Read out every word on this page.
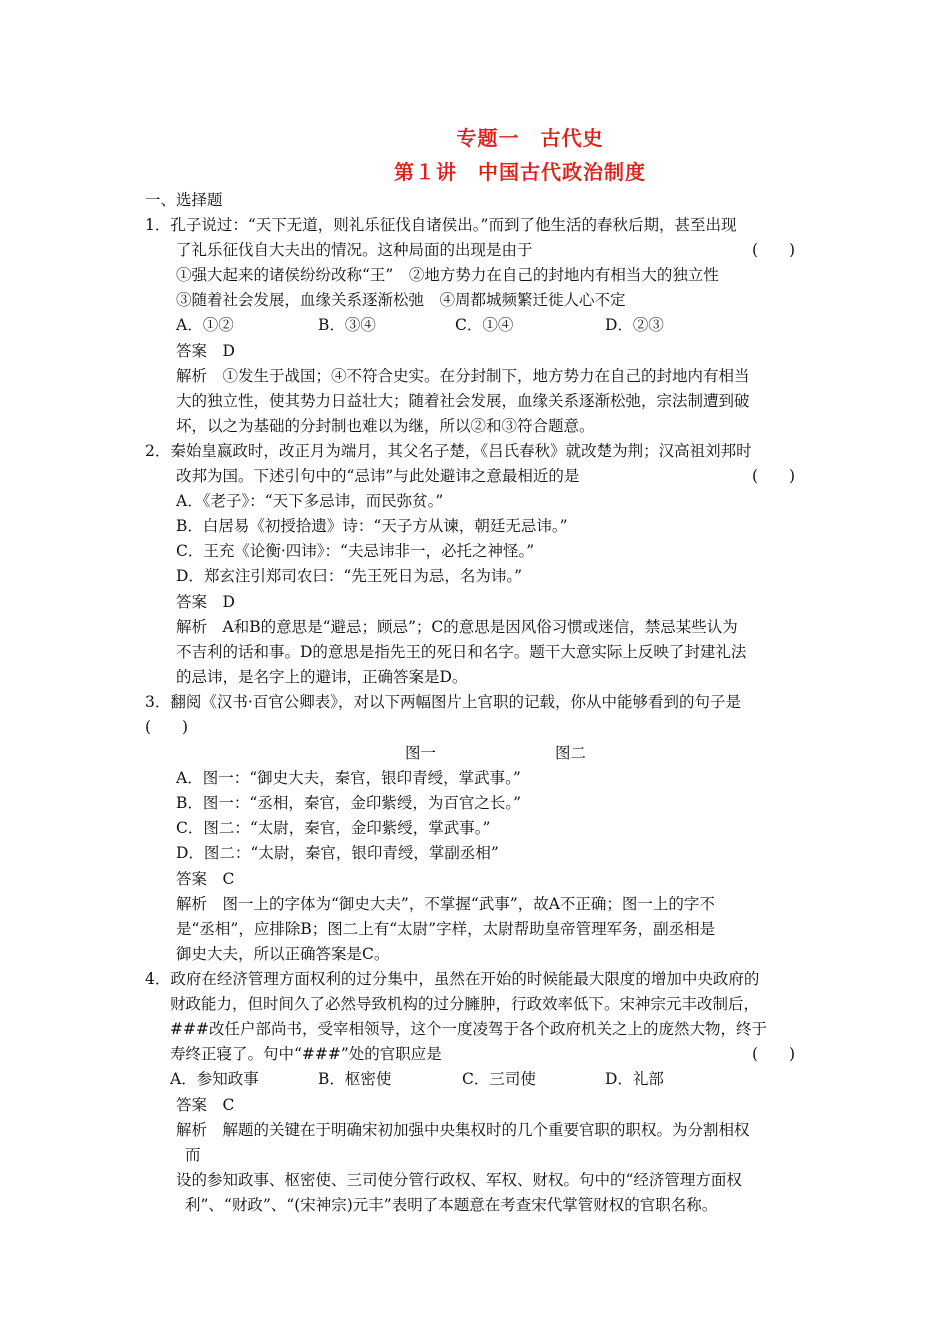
专题一　古代史
第１讲　中国古代政治制度
一、选择题
1．孔子说过：“天下无道，则礼乐征伐自诸侯出。”而到了他生活的春秋后期，甚至出现
了礼乐征伐自大夫出的情况。这种局面的出现是由于	(　　)
①强大起来的诸侯纷纷改称“王”　②地方势力在自己的封地内有相当大的独立性
③随着社会发展，血缘关系逐渐松弛　④周都城频繁迁徙人心不定
A．①②	B．③④	C．①④	D．②③
答案　D
解析　①发生于战国；④不符合史实。在分封制下，地方势力在自己的封地内有相当
大的独立性，使其势力日益壮大；随着社会发展，血缘关系逐渐松弛，宗法制遭到破
坏，以之为基础的分封制也难以为继，所以②和③符合题意。
2．秦始皇嬴政时，改正月为端月，其父名子楚，《吕氏春秋》就改楚为荆；汉高祖刘邦时
改邦为国。下述引句中的“忌讳”与此处避讳之意最相近的是	(　　)
A．《老子》：“天下多忌讳，而民弥贫。”
B．白居易《初授拾遗》诗：“天子方从谏，朝廷无忌讳。”
C．王充《论衡·四讳》：“夫忌讳非一，必托之神怪。”
D．郑玄注引郑司农曰：“先王死日为忌，名为讳。”
答案　D
解析　A和B的意思是“避忌；顾忌”；C的意思是因风俗习惯或迷信，禁忌某些认为
不吉利的话和事。D的意思是指先王的死日和名字。题干大意实际上反映了封建礼法
的忌讳，是名字上的避讳，正确答案是D。
3．翻阅《汉书·百官公卿表》，对以下两幅图片上官职的记载，你从中能够看到的句子是
(　　)
图一	图二
A．图一：“御史大夫，秦官，银印青绶，掌武事。”
B．图一：“丞相，秦官，金印紫绶，为百官之长。”
C．图二：“太尉，秦官，金印紫绶，掌武事。”
D．图二：“太尉，秦官，银印青绶，掌副丞相”
答案　C
解析　图一上的字体为“御史大夫”，不掌握“武事”，故A不正确；图一上的字不
是“丞相”，应排除B；图二上有“太尉”字样，太尉帮助皇帝管理军务，副丞相是
御史大夫，所以正确答案是C。
4．政府在经济管理方面权利的过分集中，虽然在开始的时候能最大限度的增加中央政府的
财政能力，但时间久了必然导致机构的过分臃肿，行政效率低下。宋神宗元丰改制后，
###改任户部尚书，受宰相领导，这个一度凌驾于各个政府机关之上的庞然大物，终于
寿终正寝了。句中“###”处的官职应是	(　　)
A．参知政事	B．枢密使	C．三司使	D．礼部
答案　C
解析　解题的关键在于明确宋初加强中央集权时的几个重要官职的职权。为分割相权
而
设的参知政事、枢密使、三司使分管行政权、军权、财权。句中的“经济管理方面权
利”、“财政”、“(宋神宗)元丰”表明了本题意在考查宋代掌管财权的官职名称。
